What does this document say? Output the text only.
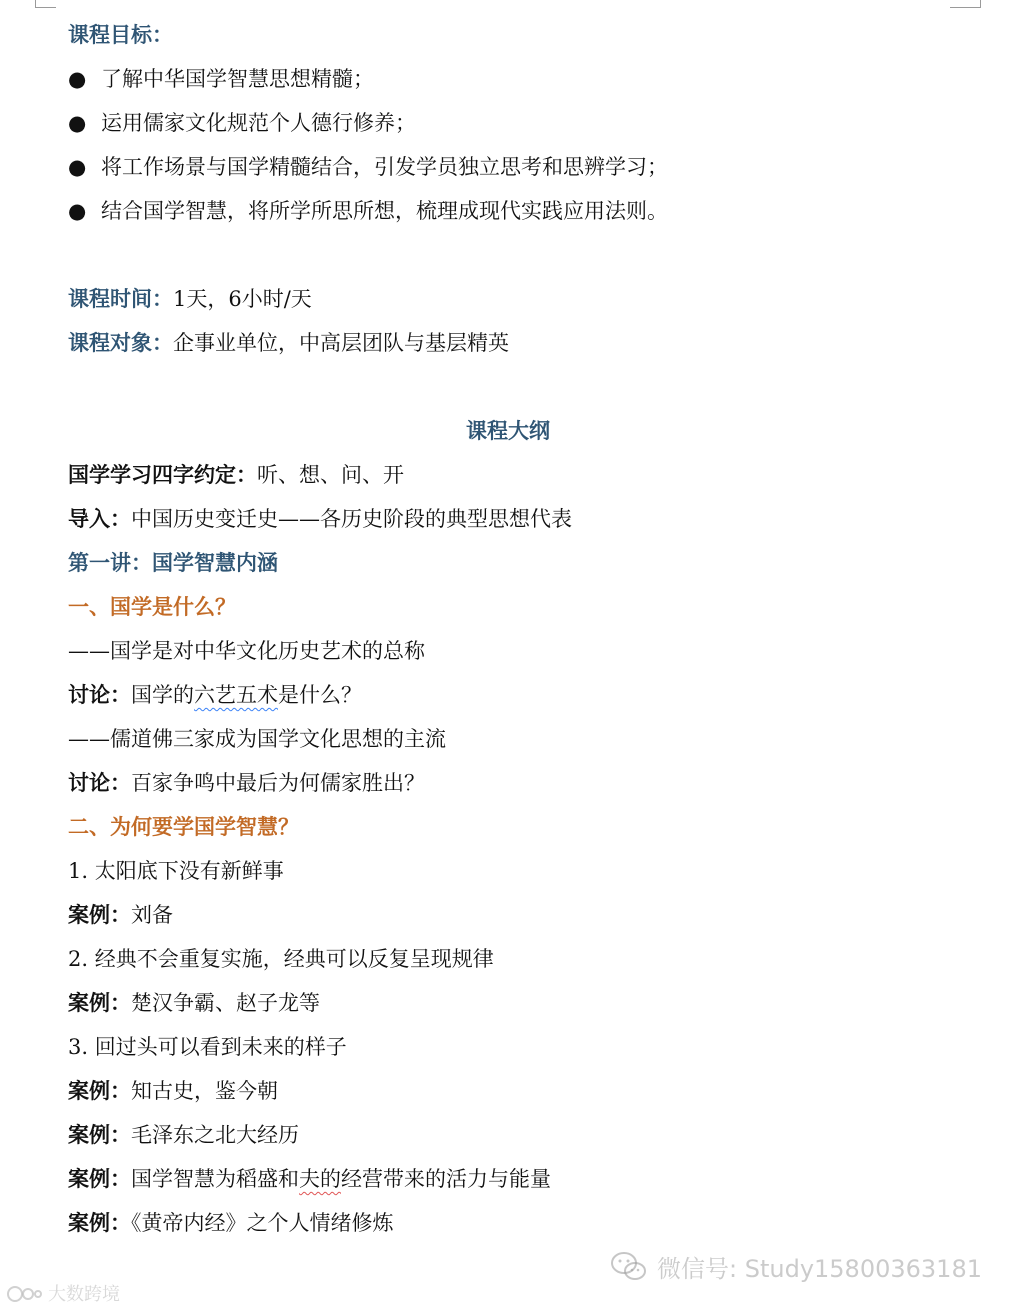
课程目标：
● 了解中华国学智慧思想精髓；
● 运用儒家文化规范个人德行修养；
● 将工作场景与国学精髓结合，引发学员独立思考和思辨学习；
● 结合国学智慧，将所学所思所想，梳理成现代实践应用法则。
课程时间：1天，6小时/天
课程对象：企事业单位，中高层团队与基层精英
课程大纲
国学学习四字约定：听、想、问、开
导入：中国历史变迁史——各历史阶段的典型思想代表
第一讲：国学智慧内涵
一、国学是什么？
——国学是对中华文化历史艺术的总称
讨论：国学的六艺五术是什么？
——儒道佛三家成为国学文化思想的主流
讨论：百家争鸣中最后为何儒家胜出？
二、为何要学国学智慧？
1. 太阳底下没有新鲜事
案例：刘备
2. 经典不会重复实施，经典可以反复呈现规律
案例：楚汉争霸、赵子龙等
3. 回过头可以看到未来的样子
案例：知古史，鉴今朝
案例：毛泽东之北大经历
案例：国学智慧为稻盛和夫的经营带来的活力与能量
案例：《黄帝内经》之个人情绪修炼
微信号: Study15800363181
大数跨境
